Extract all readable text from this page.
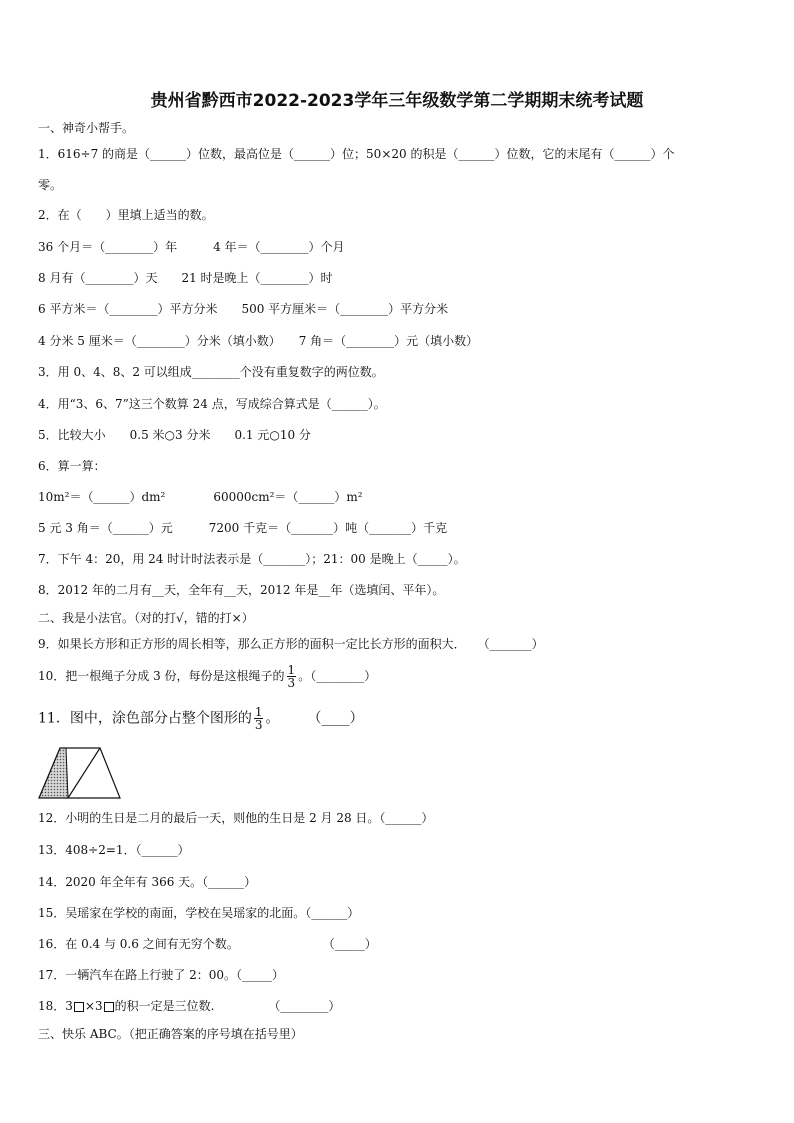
贵州省黔西市2022-2023学年三年级数学第二学期期末统考试题
一、神奇小帮手。
1．616÷7 的商是（______）位数，最高位是（______）位；50×20 的积是（______）位数，它的末尾有（______）个
零。
2．在（　　）里填上适当的数。
36 个月＝（________）年　　　4 年＝（________）个月
8 月有（________）天　　21 时是晚上（________）时
6 平方米＝（________）平方分米　　500 平方厘米＝（________）平方分米
4 分米 5 厘米＝（________）分米（填小数）　　7 角＝（________）元（填小数）
3．用 0、4、8、2 可以组成________个没有重复数字的两位数。
4．用“3、6、7”这三个数算 24 点，写成综合算式是（______）。
5．比较大小　　0.5 米○3 分米　　0.1 元○10 分
6．算一算：
10m²＝（______）dm²　　　　60000cm²＝（______）m²
5 元 3 角＝（______）元　　　7200 千克＝（_______）吨（_______）千克
7．下午 4：20，用 24 时计时法表示是（_______）；21：00 是晚上（_____）。
8．2012 年的二月有__天，全年有__天，2012 年是__年（选填闰、平年）。
二、我是小法官。（对的打√，错的打×）
9．如果长方形和正方形的周长相等，那么正方形的面积一定比长方形的面积大．　　（_______）
10．把一根绳子分成 3 份，每份是这根绳子的 $\frac{1}{3}$ 。（________）
11．图中，涂色部分占整个图形的 $\frac{1}{3}$ 。　　　（____）
12．小明的生日是二月的最后一天，则他的生日是 2 月 28 日。（______）
13．408÷2=1．（______）
14．2020 年全年有 366 天。（______）
15．吴瑶家在学校的南面，学校在吴瑶家的北面。（______）
16．在 0.4 与 0.6 之间有无穷个数。　　　　　　　　（_____）
17．一辆汽车在路上行驶了 2：00。（_____）
18．3 ×3 的积一定是三位数.　　　　　（________）
三、快乐 ABC。（把正确答案的序号填在括号里）
